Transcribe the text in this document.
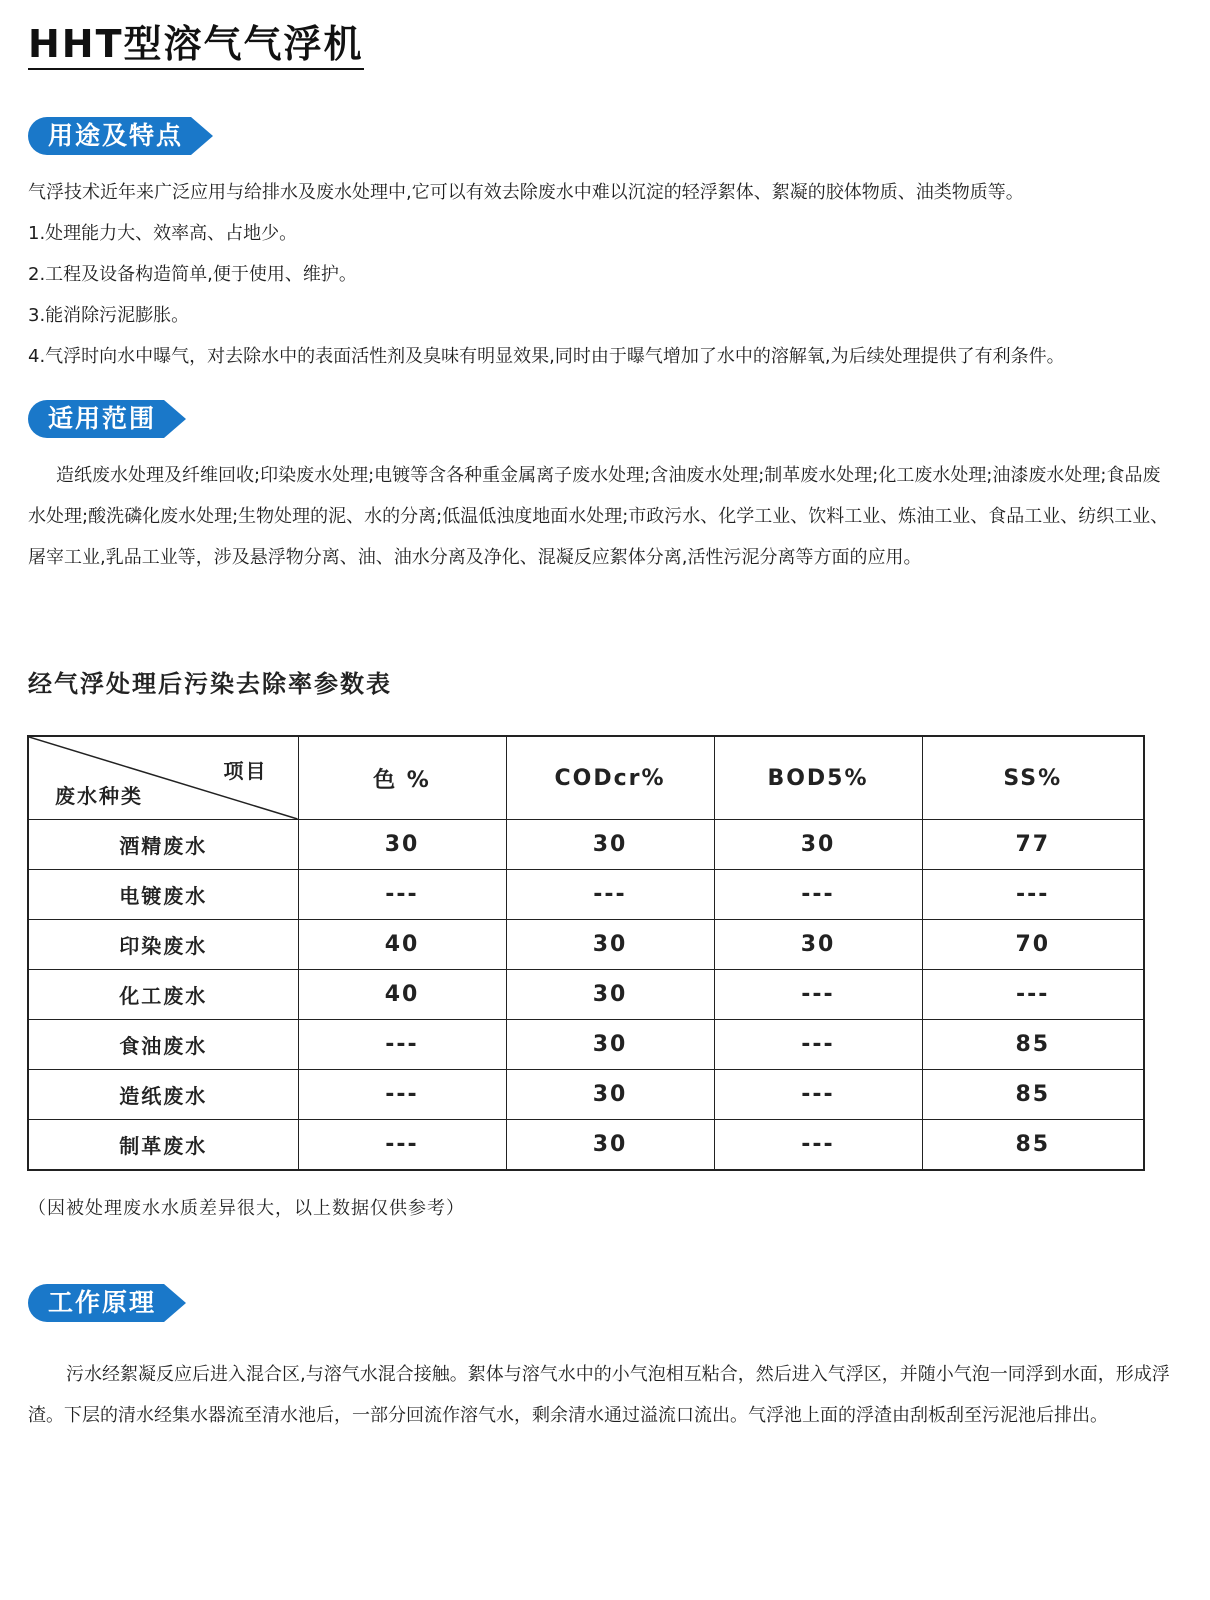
HHT型溶气气浮机
用途及特点

气浮技术近年来广泛应用与给排水及废水处理中,它可以有效去除废水中难以沉淀的轻浮絮体、絮凝的胶体物质、油类物质等。

1.处理能力大、效率高、占地少。

2.工程及设备构造简单,便于使用、维护。

3.能消除污泥膨胀。

4.气浮时向水中曝气，对去除水中的表面活性剂及臭味有明显效果,同时由于曝气增加了水中的溶解氧,为后续处理提供了有利条件。

适用范围

造纸废水处理及纤维回收;印染废水处理;电镀等含各种重金属离子废水处理;含油废水处理;制革废水处理;化工废水处理;油漆废水处理;食品废水处理;酸洗磷化废水处理;生物处理的泥、水的分离;低温低浊度地面水处理;市政污水、化学工业、饮料工业、炼油工业、食品工业、纺织工业、屠宰工业,乳品工业等，涉及悬浮物分离、油、油水分离及净化、混凝反应絮体分离,活性污泥分离等方面的应用。

经气浮处理后污染去除率参数表
项目
废水种类	色 %	CODcr%	BOD5%	SS%
酒精废水	30	30	30	77
电镀废水	---	---	---	---
印染废水	40	30	30	70
化工废水	40	30	---	---
食油废水	---	30	---	85
造纸废水	---	30	---	85
制革废水	---	30	---	85

（因被处理废水水质差异很大，以上数据仅供参考）

工作原理

污水经絮凝反应后进入混合区,与溶气水混合接触。絮体与溶气水中的小气泡相互粘合，然后进入气浮区，并随小气泡一同浮到水面，形成浮渣。下层的清水经集水器流至清水池后，一部分回流作溶气水，剩余清水通过溢流口流出。气浮池上面的浮渣由刮板刮至污泥池后排出。
